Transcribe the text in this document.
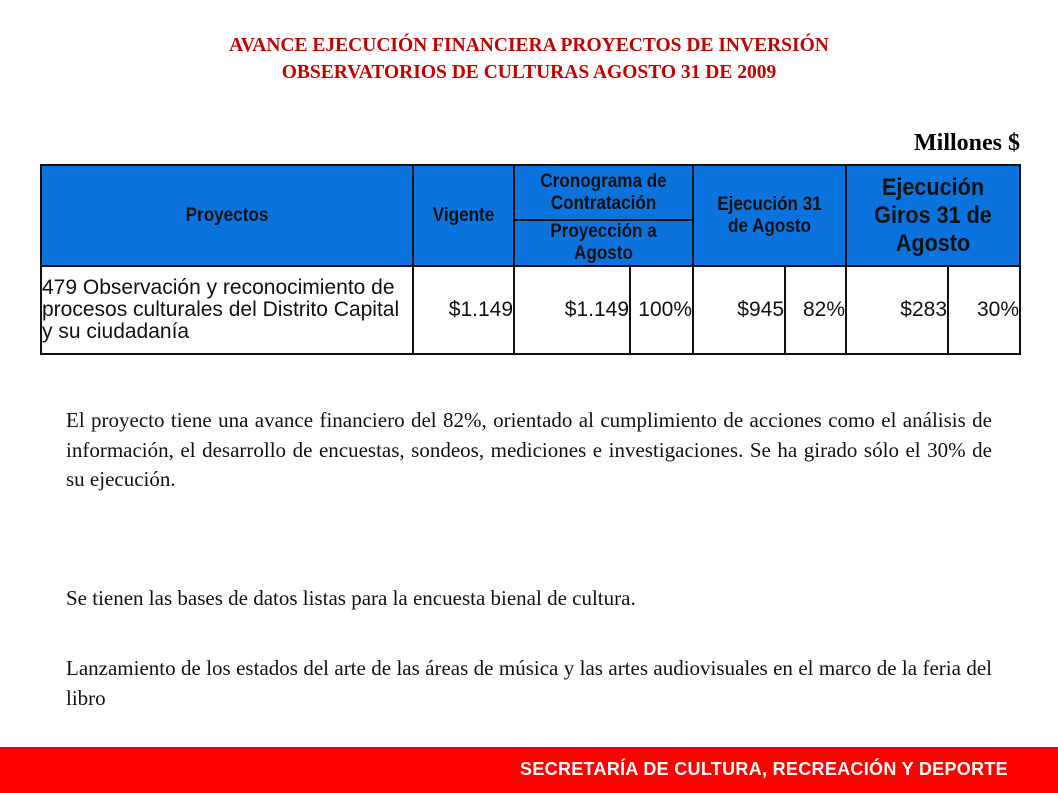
AVANCE EJECUCIÓN FINANCIERA PROYECTOS DE INVERSIÓN
OBSERVATORIOS DE CULTURAS AGOSTO 31 DE 2009
Millones $
Proyectos	Vigente	Cronograma de Contratación		Ejecución 31 de Agosto		Ejecución Giros 31 de Agosto	

		Proyección a Agosto					

479 Observación y reconocimiento de procesos culturales del Distrito Capital y su ciudadanía	$1.149	$1.149	100%	$945	82%	$283	30%

El proyecto tiene una avance financiero del 82%, orientado al cumplimiento de acciones como el análisis de información, el desarrollo de encuestas, sondeos, mediciones e investigaciones. Se ha girado sólo el 30% de su ejecución.

Se tienen las bases de datos listas para la encuesta bienal de cultura.

Lanzamiento de los estados del arte de las áreas de música y las artes audiovisuales en el marco de la feria del libro

SECRETARÍA DE CULTURA, RECREACIÓN Y DEPORTE
